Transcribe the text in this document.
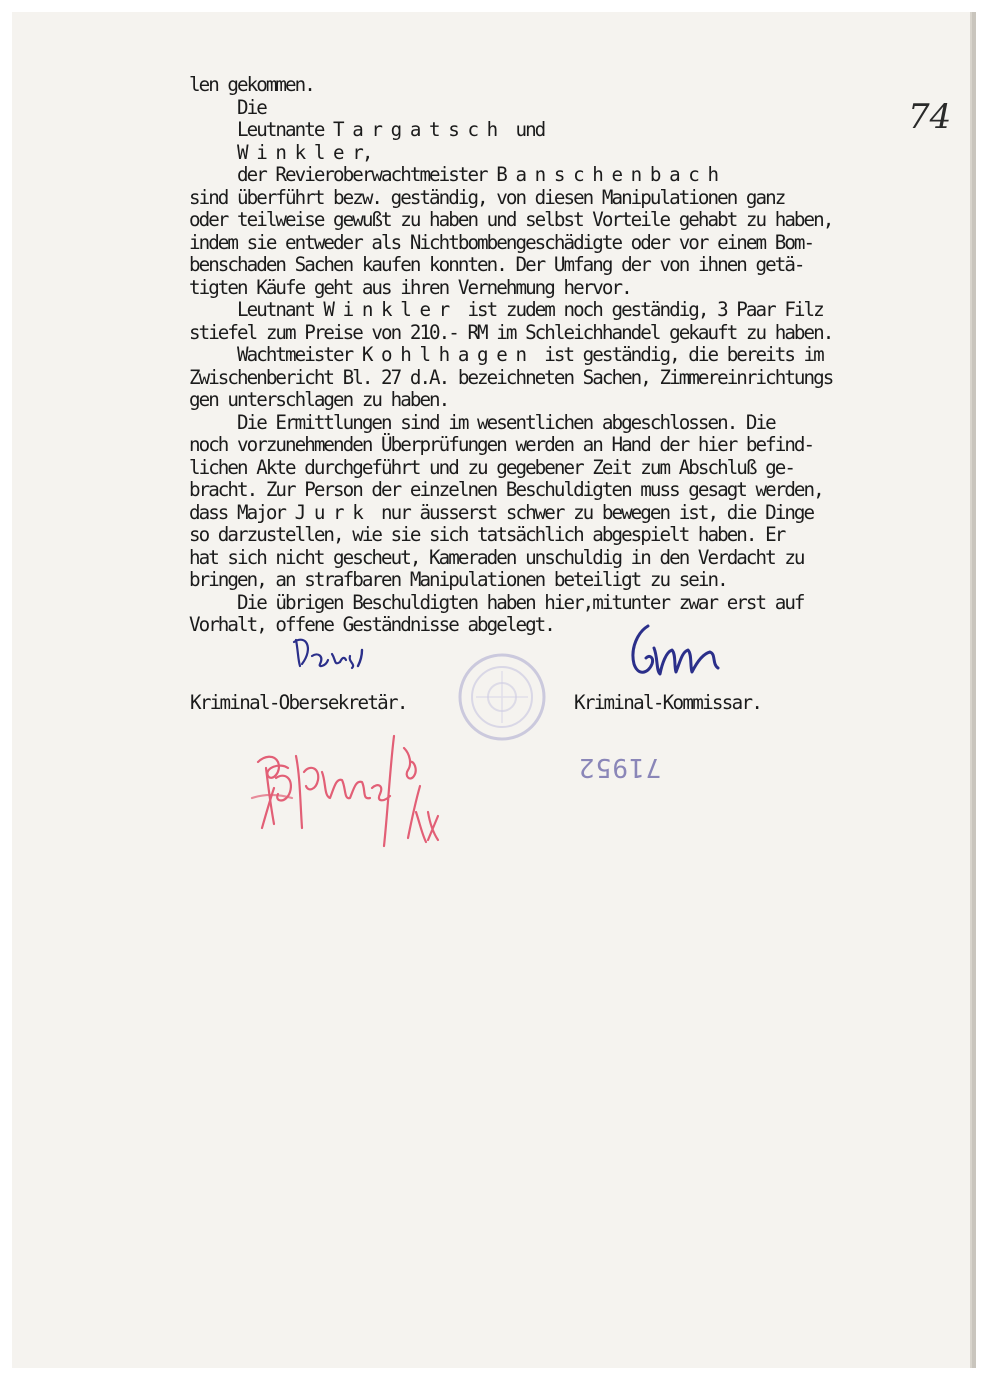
74
len gekommen.
Die
Leutnante T a r g a t s c h  und
W i n k l e r,
der Revieroberwachtmeister B a n s c h e n b a c h
sind überführt bezw. geständig, von diesen Manipulationen ganz
oder teilweise gewußt zu haben und selbst Vorteile gehabt zu haben,
indem sie entweder als Nichtbombengeschädigte oder vor einem Bom-
benschaden Sachen kaufen konnten. Der Umfang der von ihnen getä-
tigten Käufe geht aus ihren Vernehmung hervor.
Leutnant W i n k l e r  ist zudem noch geständig, 3 Paar Filz
stiefel zum Preise von 210.- RM im Schleichhandel gekauft zu haben.
Wachtmeister K o h l h a g e n  ist geständig, die bereits im
Zwischenbericht Bl. 27 d.A. bezeichneten Sachen, Zimmereinrichtungs
gen unterschlagen zu haben.
Die Ermittlungen sind im wesentlichen abgeschlossen. Die
noch vorzunehmenden Überprüfungen werden an Hand der hier befind-
lichen Akte durchgeführt und zu gegebener Zeit zum Abschluß ge-
bracht. Zur Person der einzelnen Beschuldigten muss gesagt werden,
dass Major J u r k  nur äusserst schwer zu bewegen ist, die Dinge
so darzustellen, wie sie sich tatsächlich abgespielt haben. Er
hat sich nicht gescheut, Kameraden unschuldig in den Verdacht zu
bringen, an strafbaren Manipulationen beteiligt zu sein.
Die übrigen Beschuldigten haben hier,mitunter zwar erst auf
Vorhalt, offene Geständnisse abgelegt.
Kriminal-Obersekretär.	Kriminal-Kommissar.
71952
